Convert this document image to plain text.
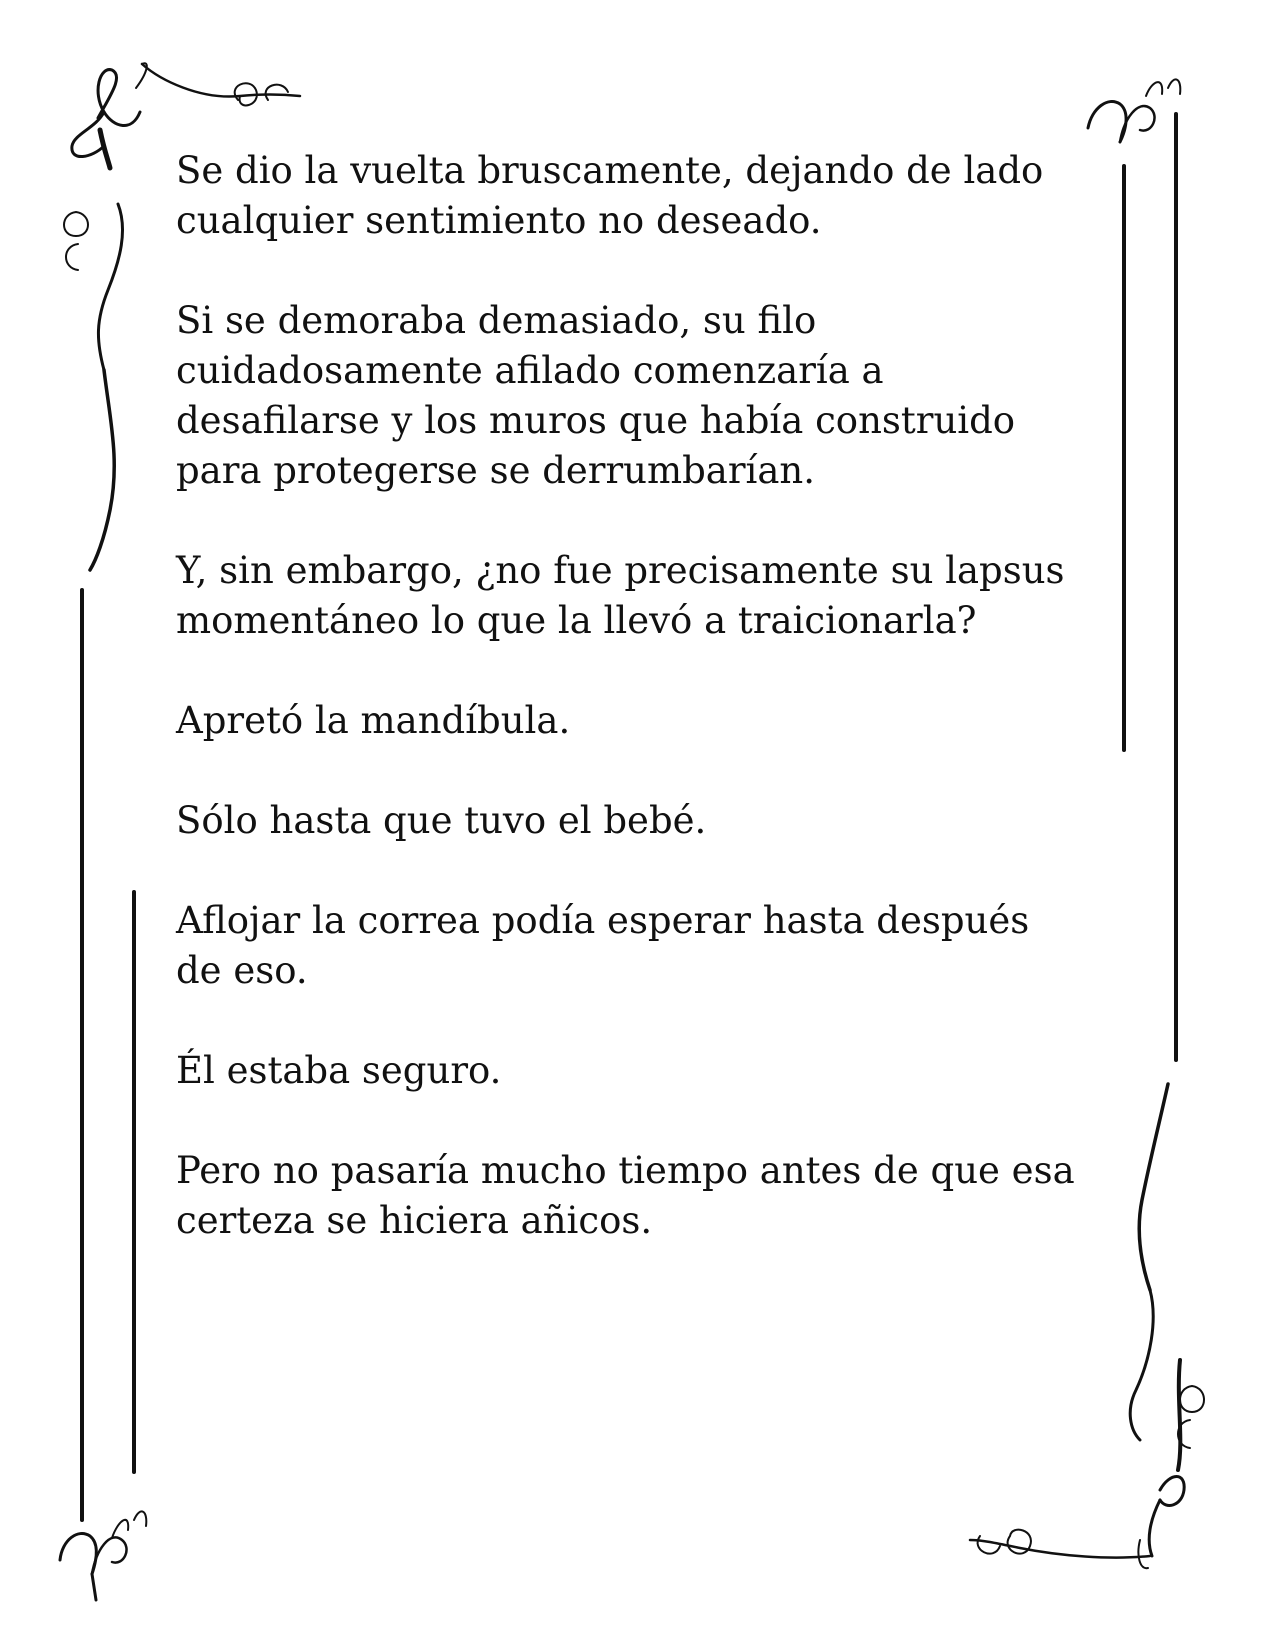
Se dio la vuelta bruscamente, dejando de lado
cualquier sentimiento no deseado.

Si se demoraba demasiado, su filo
cuidadosamente afilado comenzaría a
desafilarse y los muros que había construido
para protegerse se derrumbarían.

Y, sin embargo, ¿no fue precisamente su lapsus
momentáneo lo que la llevó a traicionarla?

Apretó la mandíbula.

Sólo hasta que tuvo el bebé.

Aflojar la correa podía esperar hasta después
de eso.

Él estaba seguro.

Pero no pasaría mucho tiempo antes de que esa
certeza se hiciera añicos.
